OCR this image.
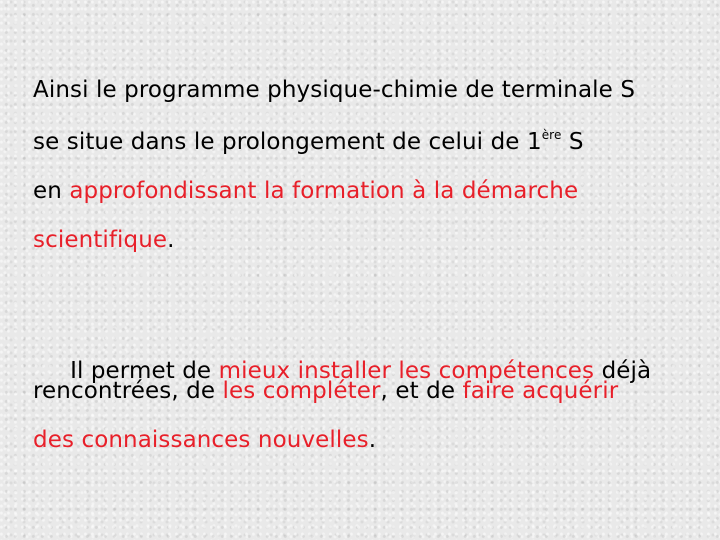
Ainsi le programme physique-chimie de terminale S
se situe dans le prolongement de celui de 1ère S
en approfondissant la formation à la démarche
scientifique.

Il permet de mieux installer les compétences déjà

rencontrées, de les compléter, et de faire acquérir
des connaissances nouvelles.
